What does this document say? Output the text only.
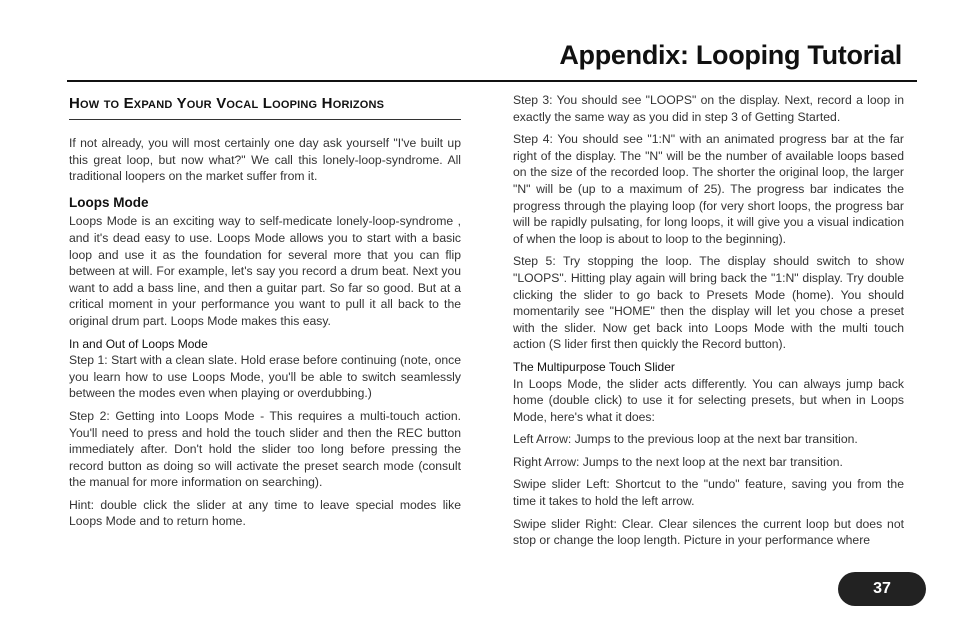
Appendix: Looping Tutorial
How to Expand Your Vocal Looping Horizons

If not already, you will most certainly one day ask yourself "I've built up this great loop, but now what?" We call this lonely-loop-syndrome. All traditional loopers on the market suffer from it.

Loops Mode

Loops Mode is an exciting way to self-medicate lonely-loop-syndrome , and it's dead easy to use. Loops Mode allows you to start with a basic loop and use it as the foundation for several more that you can flip between at will. For example, let's say you record a drum beat. Next you want to add a bass line, and then a guitar part. So far so good. But at a critical moment in your performance you want to pull it all back to the original drum part. Loops Mode makes this easy.

In and Out of Loops Mode

Step 1: Start with a clean slate. Hold erase before continuing (note, once you learn how to use Loops Mode, you'll be able to switch seamlessly between the modes even when playing or overdubbing.)

Step 2: Getting into Loops Mode - This requires a multi-touch action. You'll need to press and hold the touch slider and then the REC button immediately after. Don't hold the slider too long before pressing the record button as doing so will activate the preset search mode (consult the manual for more information on searching).

Hint: double click the slider at any time to leave special modes like Loops Mode and to return home.

Step 3: You should see "LOOPS" on the display. Next, record a loop in exactly the same way as you did in step 3 of Getting Started.

Step 4: You should see "1:N" with an animated progress bar at the far right of the display. The "N" will be the number of available loops based on the size of the recorded loop. The shorter the original loop, the larger "N" will be (up to a maximum of 25). The progress bar indicates the progress through the playing loop (for very short loops, the progress bar will be rapidly pulsating, for long loops, it will give you a visual indication of when the loop is about to loop to the beginning).

Step 5: Try stopping the loop. The display should switch to show "LOOPS". Hitting play again will bring back the "1:N" display. Try double clicking the slider to go back to Presets Mode (home). You should momentarily see "HOME" then the display will let you chose a preset with the slider. Now get back into Loops Mode with the multi touch action (S lider first then quickly the Record button).

The Multipurpose Touch Slider

In Loops Mode, the slider acts differently. You can always jump back home (double click) to use it for selecting presets, but when in Loops Mode, here's what it does:

Left Arrow: Jumps to the previous loop at the next bar transition.

Right Arrow: Jumps to the next loop at the next bar transition.

Swipe slider Left: Shortcut to the "undo" feature, saving you from the time it takes to hold the left arrow.

Swipe slider Right: Clear. Clear silences the current loop but does not stop or change the loop length. Picture in your performance where

37
